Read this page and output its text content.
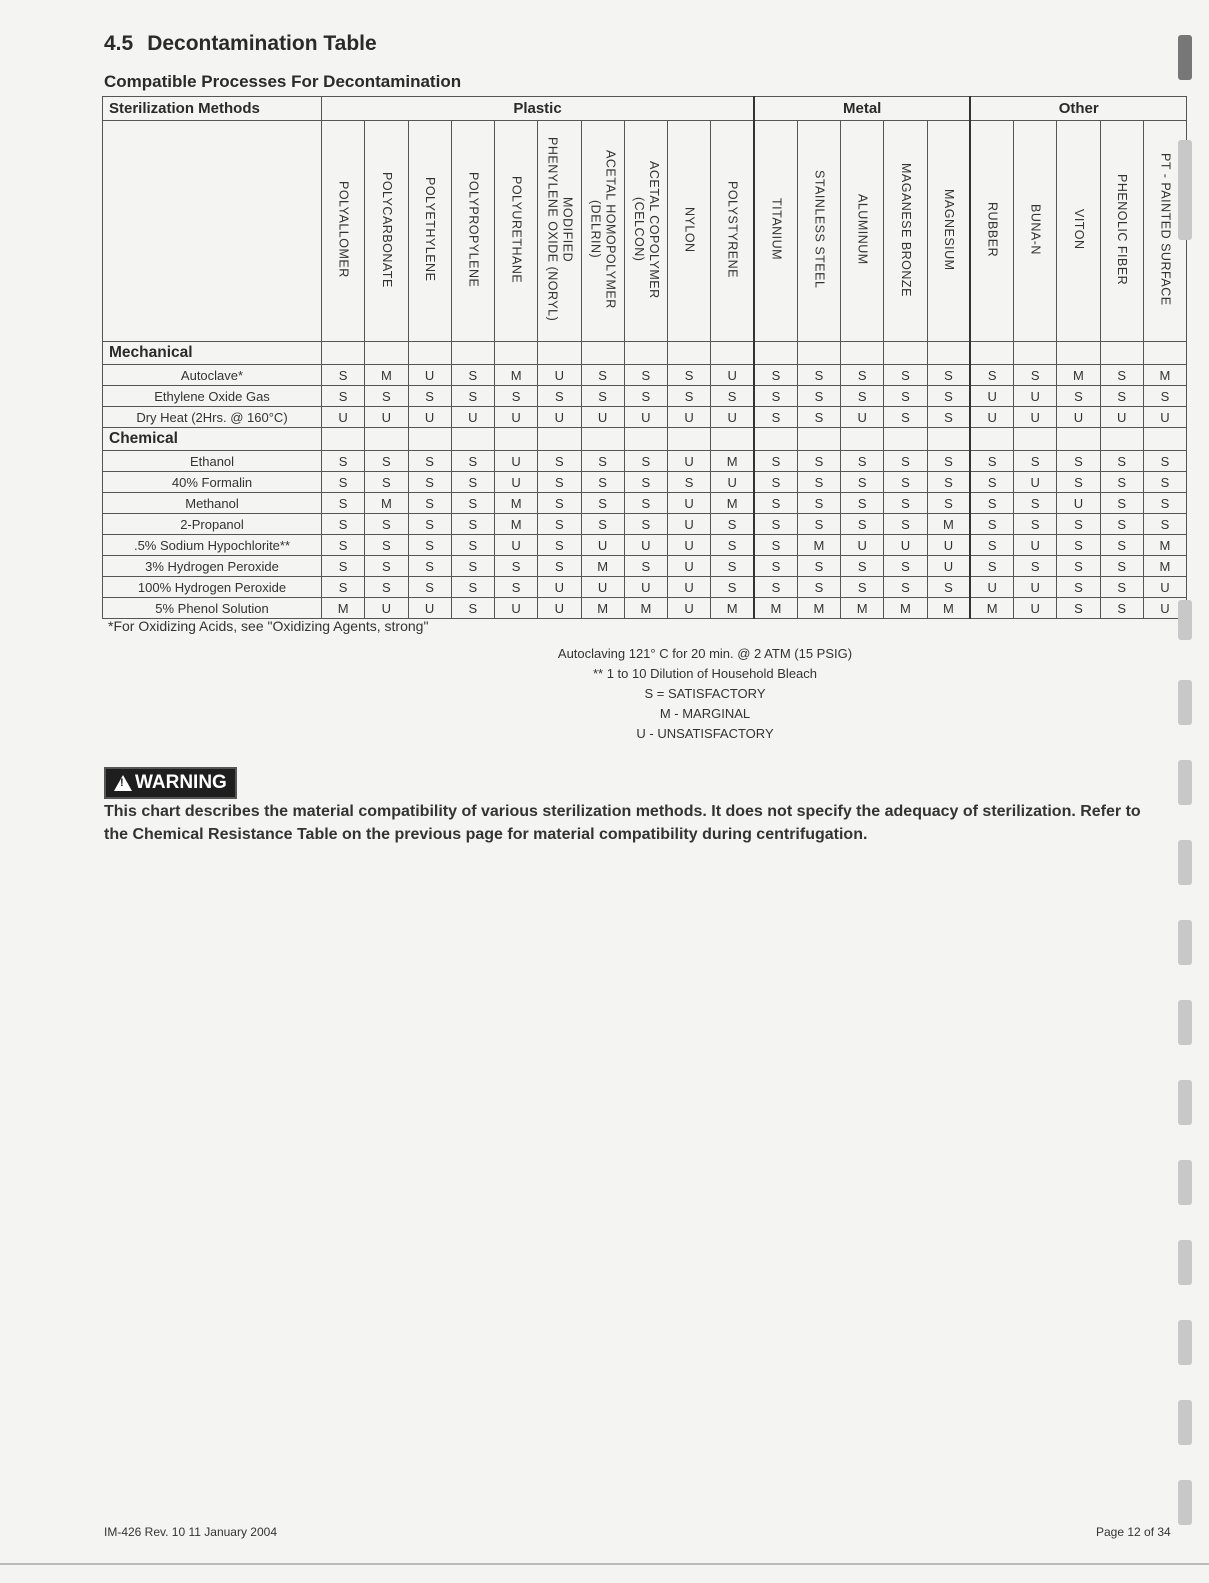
4.5 Decontamination Table
Compatible Processes For Decontamination
Sterilization Methods	Plastic										Metal					Other				
	POLYALLOMER	POLYCARBONATE	POLYETHYLENE	POLYPROPYLENE	POLYURETHANE	MODIFIED
PHENYLENE OXIDE (NORYL)	ACETAL HOMOPOLYMER
(DELRIN)	ACETAL COPOLYMER
(CELCON)	NYLON	POLYSTYRENE	TITANIUM	STAINLESS STEEL	ALUMINUM	MAGANESE BRONZE	MAGNESIUM	RUBBER	BUNA-N	VITON	PHENOLIC FIBER	PT - PAINTED SURFACE
Mechanical																				
Autoclave*	S	M	U	S	M	U	S	S	S	U	S	S	S	S	S	S	S	M	S	M
Ethylene Oxide Gas	S	S	S	S	S	S	S	S	S	S	S	S	S	S	S	U	U	S	S	S
Dry Heat (2Hrs. @ 160°C)	U	U	U	U	U	U	U	U	U	U	S	S	U	S	S	U	U	U	U	U
Chemical																				
Ethanol	S	S	S	S	U	S	S	S	U	M	S	S	S	S	S	S	S	S	S	S
40% Formalin	S	S	S	S	U	S	S	S	S	U	S	S	S	S	S	S	U	S	S	S
Methanol	S	M	S	S	M	S	S	S	U	M	S	S	S	S	S	S	S	U	S	S
2-Propanol	S	S	S	S	M	S	S	S	U	S	S	S	S	S	M	S	S	S	S	S
.5% Sodium Hypochlorite**	S	S	S	S	U	S	U	U	U	S	S	M	U	U	U	S	U	S	S	M
3% Hydrogen Peroxide	S	S	S	S	S	S	M	S	U	S	S	S	S	S	U	S	S	S	S	M
100% Hydrogen Peroxide	S	S	S	S	S	U	U	U	U	S	S	S	S	S	S	U	U	S	S	U
5% Phenol Solution	M	U	U	S	U	U	M	M	U	M	M	M	M	M	M	M	U	S	S	U
*For Oxidizing Acids, see "Oxidizing Agents, strong"
Autoclaving 121° C for 20 min. @ 2 ATM (15 PSIG)
** 1 to 10 Dilution of Household Bleach
S = SATISFACTORY
M - MARGINAL
U - UNSATISFACTORY
!
WARNING
This chart describes the material compatibility of various sterilization methods. It does not specify the adequacy of sterilization. Refer to the Chemical Resistance Table on the previous page for material compatibility during centrifugation.
IM-426 Rev. 10 11 January 2004	Page 12 of 34
